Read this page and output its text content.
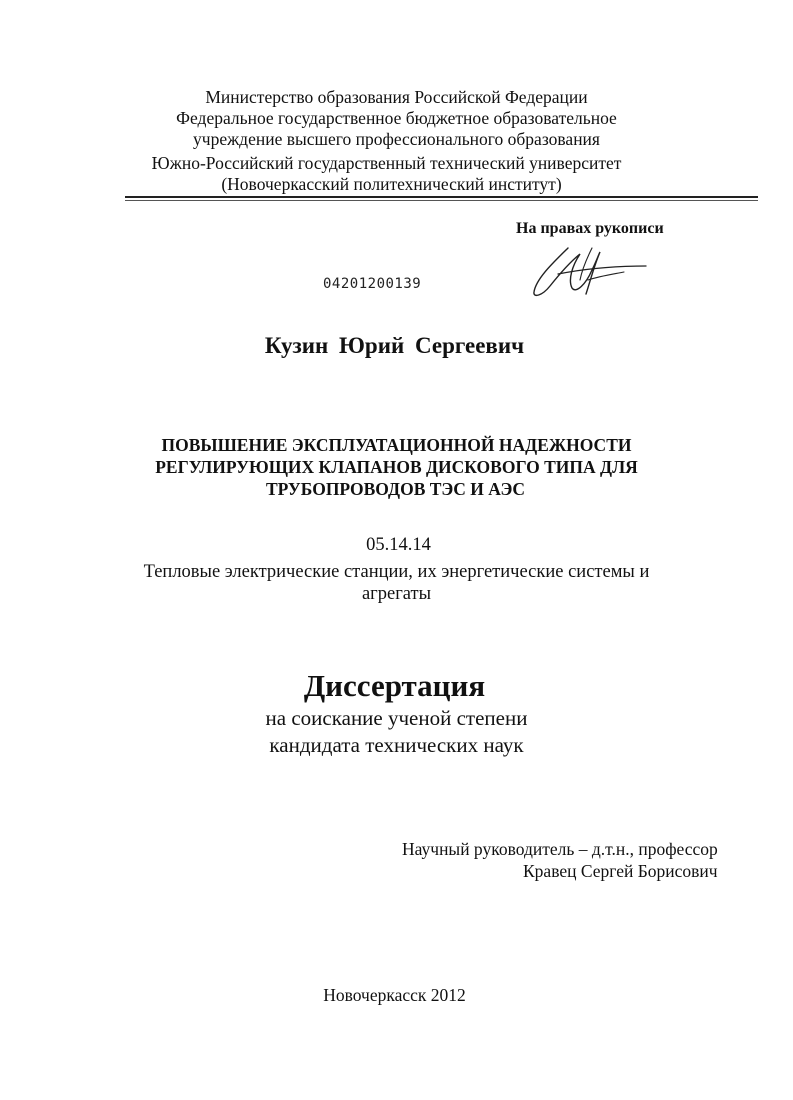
Министерство образования Российской Федерации
Федеральное государственное бюджетное образовательное
учреждение высшего профессионального образования
Южно-Российский государственный технический университет
(Новочеркасский политехнический институт)
На правах рукописи
04201200139
Кузин Юрий Сергеевич
ПОВЫШЕНИЕ ЭКСПЛУАТАЦИОННОЙ НАДЕЖНОСТИ
РЕГУЛИРУЮЩИХ КЛАПАНОВ ДИСКОВОГО ТИПА ДЛЯ
ТРУБОПРОВОДОВ ТЭС И АЭС
05.14.14
Тепловые электрические станции, их энергетические системы и
агрегаты
Диссертация
на соискание ученой степени
кандидата технических наук
Научный руководитель – д.т.н., профессор
Кравец Сергей Борисович
Новочеркасск 2012
